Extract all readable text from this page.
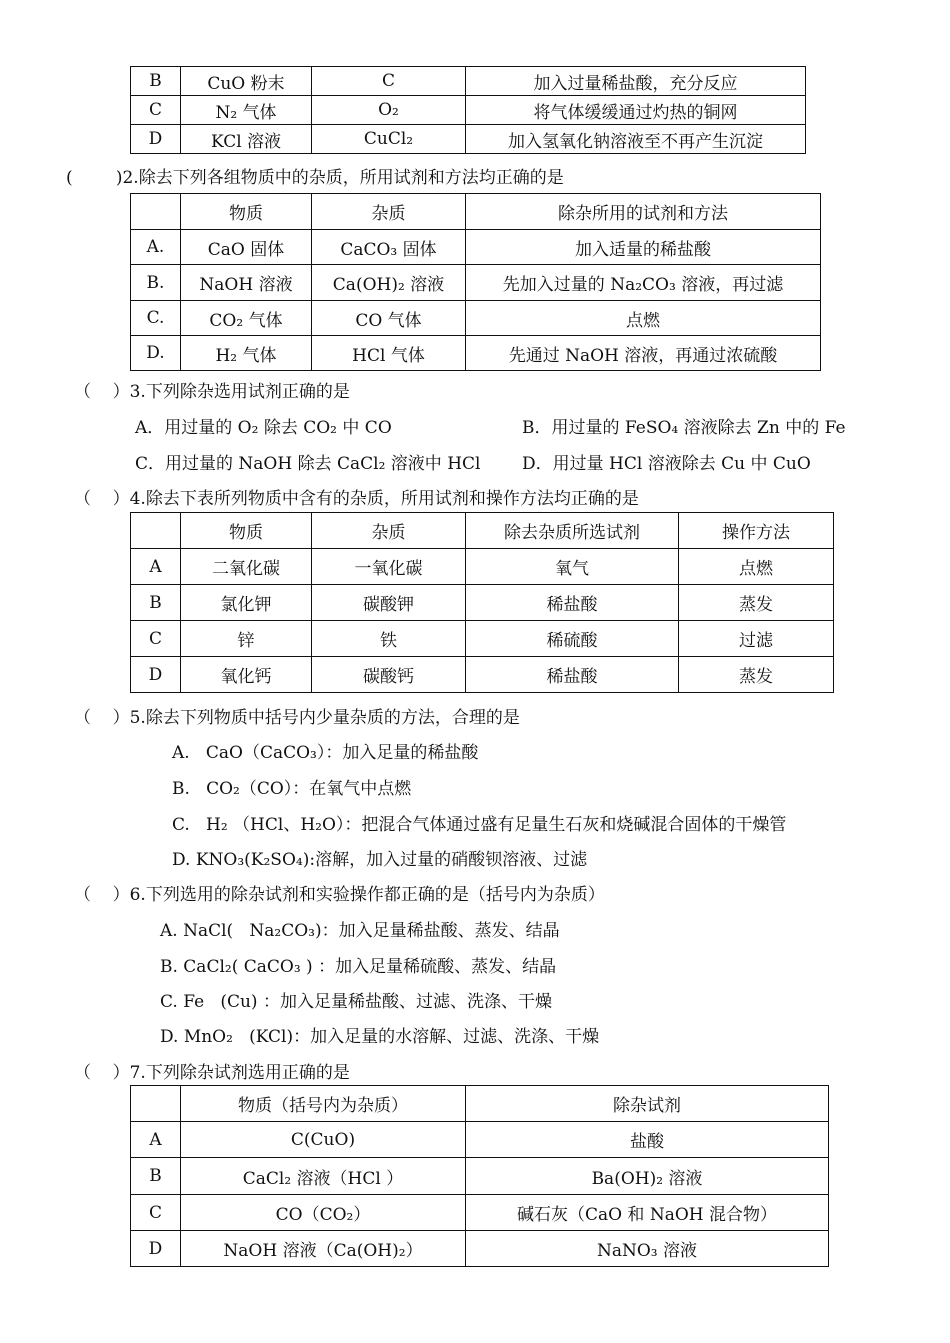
B	CuO 粉末	C	加入过量稀盐酸，充分反应
C	N₂ 气体	O₂	将气体缓缓通过灼热的铜网
D	KCl 溶液	CuCl₂	加入氢氧化钠溶液至不再产生沉淀
(        )2.除去下列各组物质中的杂质，所用试剂和方法均正确的是
	物质	杂质	除杂所用的试剂和方法
A.	CaO 固体	CaCO₃ 固体	加入适量的稀盐酸
B.	NaOH 溶液	Ca(OH)₂ 溶液	先加入过量的 Na₂CO₃ 溶液，再过滤
C.	CO₂ 气体	CO 气体	点燃
D.	H₂ 气体	HCl 气体	先通过 NaOH 溶液，再通过浓硫酸
（    ）3.下列除杂选用试剂正确的是
A．用过量的 O₂ 除去 CO₂ 中 CO	B．用过量的 FeSO₄ 溶液除去 Zn 中的 Fe
C．用过量的 NaOH 除去 CaCl₂ 溶液中 HCl D．用过量 HCl 溶液除去 Cu 中 CuO
（    ）4.除去下表所列物质中含有的杂质，所用试剂和操作方法均正确的是
	物质	杂质	除去杂质所选试剂	操作方法
A	二氧化碳	一氧化碳	氧气	点燃
B	氯化钾	碳酸钾	稀盐酸	蒸发
C	锌	铁	稀硫酸	过滤
D	氧化钙	碳酸钙	稀盐酸	蒸发
（    ）5.除去下列物质中括号内少量杂质的方法，合理的是
A.   CaO（CaCO₃）：加入足量的稀盐酸
B.   CO₂（CO）：在氧气中点燃
C.   H₂ （HCl、H₂O）：把混合气体通过盛有足量生石灰和烧碱混合固体的干燥管
D. KNO₃(K₂SO₄):溶解，加入过量的硝酸钡溶液、过滤
（    ）6.下列选用的除杂试剂和实验操作都正确的是（括号内为杂质）
A. NaCl(   Na₂CO₃)：加入足量稀盐酸、蒸发、结晶
B. CaCl₂( CaCO₃ ) ：加入足量稀硫酸、蒸发、结晶
C. Fe   (Cu) ：加入足量稀盐酸、过滤、洗涤、干燥
D. MnO₂   (KCl)：加入足量的水溶解、过滤、洗涤、干燥
（    ）7.下列除杂试剂选用正确的是
	物质（括号内为杂质）	除杂试剂
A	C(CuO)	盐酸
B	CaCl₂ 溶液（HCl ）	Ba(OH)₂ 溶液
C	CO（CO₂）	碱石灰（CaO 和 NaOH 混合物）
D	NaOH 溶液（Ca(OH)₂）	NaNO₃ 溶液
